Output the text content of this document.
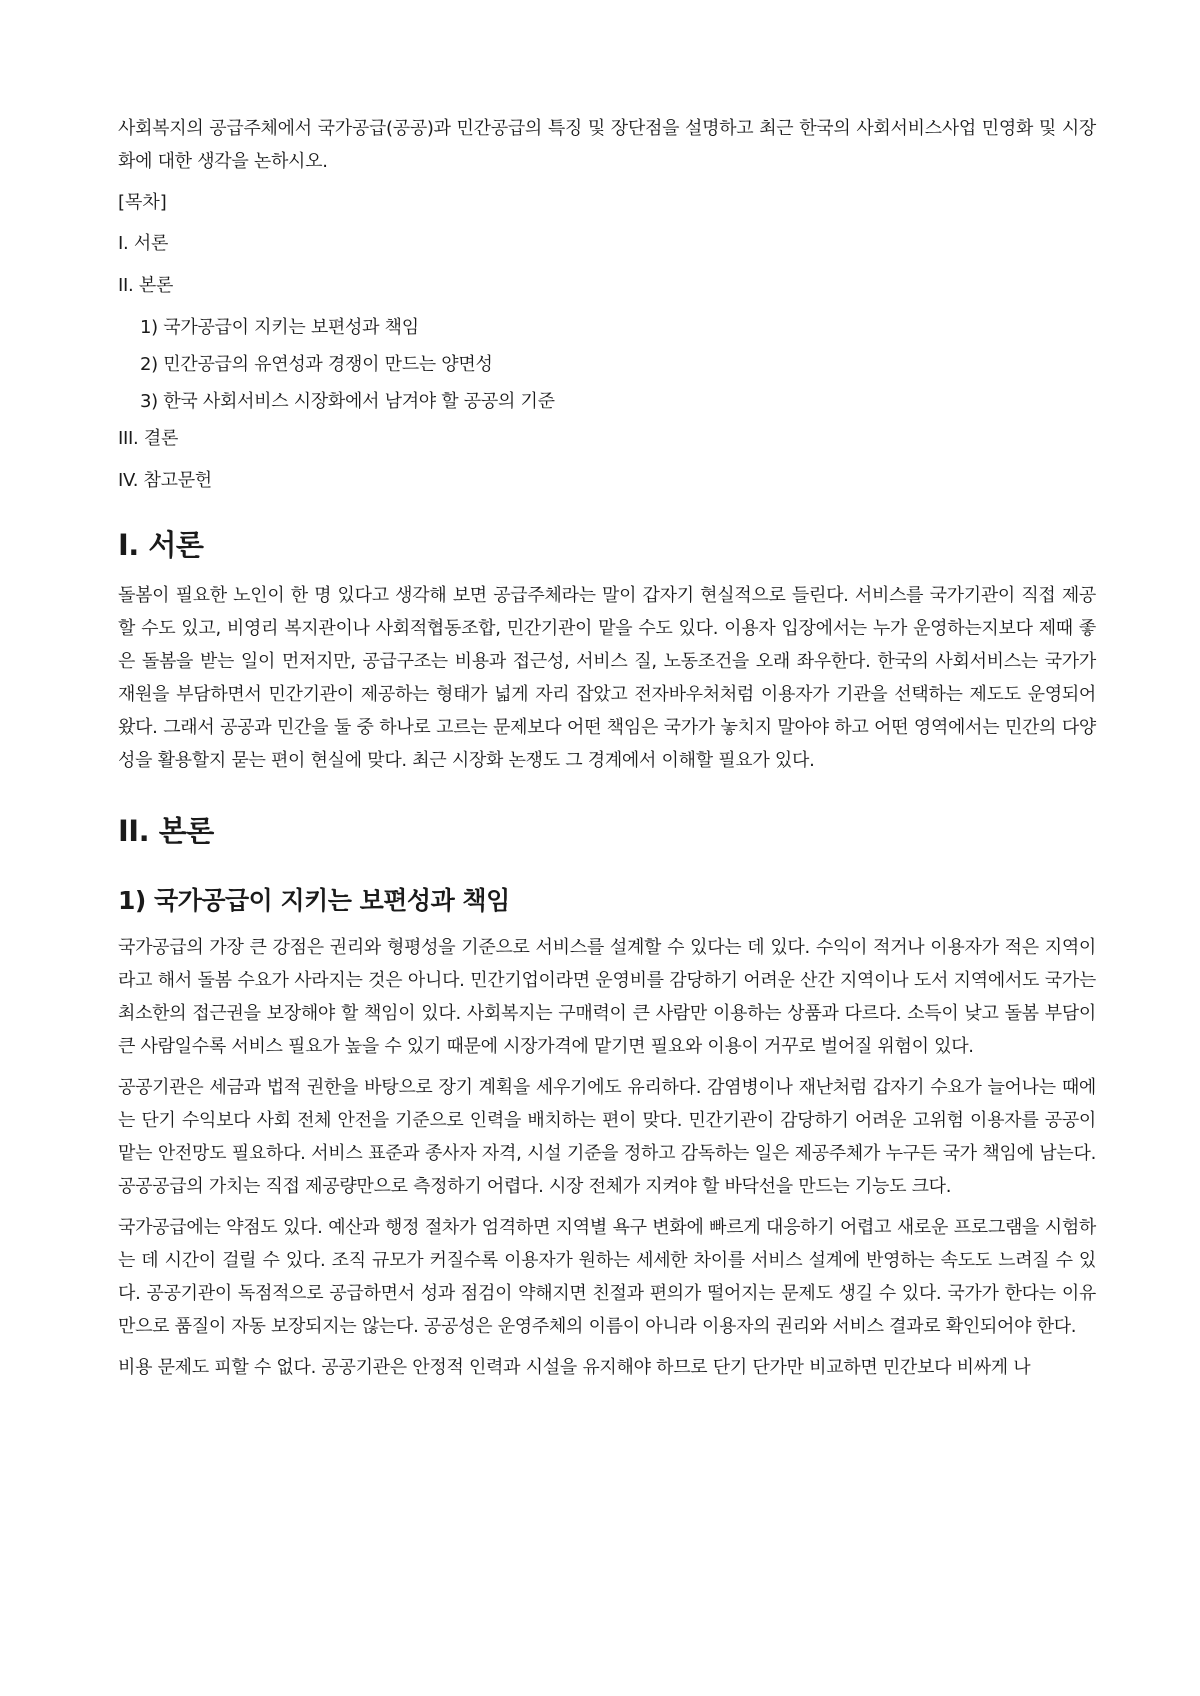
사회복지의 공급주체에서 국가공급(공공)과 민간공급의 특징 및 장단점을 설명하고 최근 한국의 사회서비스사업 민영화 및 시장화에 대한 생각을 논하시오.

[목차]
I. 서론
II. 본론
1) 국가공급이 지키는 보편성과 책임
2) 민간공급의 유연성과 경쟁이 만드는 양면성
3) 한국 사회서비스 시장화에서 남겨야 할 공공의 기준
III. 결론
IV. 참고문헌
I. 서론

돌봄이 필요한 노인이 한 명 있다고 생각해 보면 공급주체라는 말이 갑자기 현실적으로 들린다. 서비스를 국가기관이 직접 제공할 수도 있고, 비영리 복지관이나 사회적협동조합, 민간기관이 맡을 수도 있다. 이용자 입장에서는 누가 운영하는지보다 제때 좋은 돌봄을 받는 일이 먼저지만, 공급구조는 비용과 접근성, 서비스 질, 노동조건을 오래 좌우한다. 한국의 사회서비스는 국가가 재원을 부담하면서 민간기관이 제공하는 형태가 넓게 자리 잡았고 전자바우처처럼 이용자가 기관을 선택하는 제도도 운영되어 왔다. 그래서 공공과 민간을 둘 중 하나로 고르는 문제보다 어떤 책임은 국가가 놓치지 말아야 하고 어떤 영역에서는 민간의 다양성을 활용할지 묻는 편이 현실에 맞다. 최근 시장화 논쟁도 그 경계에서 이해할 필요가 있다.

II. 본론
1) 국가공급이 지키는 보편성과 책임

국가공급의 가장 큰 강점은 권리와 형평성을 기준으로 서비스를 설계할 수 있다는 데 있다. 수익이 적거나 이용자가 적은 지역이라고 해서 돌봄 수요가 사라지는 것은 아니다. 민간기업이라면 운영비를 감당하기 어려운 산간 지역이나 도서 지역에서도 국가는 최소한의 접근권을 보장해야 할 책임이 있다. 사회복지는 구매력이 큰 사람만 이용하는 상품과 다르다. 소득이 낮고 돌봄 부담이 큰 사람일수록 서비스 필요가 높을 수 있기 때문에 시장가격에 맡기면 필요와 이용이 거꾸로 벌어질 위험이 있다.

공공기관은 세금과 법적 권한을 바탕으로 장기 계획을 세우기에도 유리하다. 감염병이나 재난처럼 갑자기 수요가 늘어나는 때에는 단기 수익보다 사회 전체 안전을 기준으로 인력을 배치하는 편이 맞다. 민간기관이 감당하기 어려운 고위험 이용자를 공공이 맡는 안전망도 필요하다. 서비스 표준과 종사자 자격, 시설 기준을 정하고 감독하는 일은 제공주체가 누구든 국가 책임에 남는다. 공공공급의 가치는 직접 제공량만으로 측정하기 어렵다. 시장 전체가 지켜야 할 바닥선을 만드는 기능도 크다.

국가공급에는 약점도 있다. 예산과 행정 절차가 엄격하면 지역별 욕구 변화에 빠르게 대응하기 어렵고 새로운 프로그램을 시험하는 데 시간이 걸릴 수 있다. 조직 규모가 커질수록 이용자가 원하는 세세한 차이를 서비스 설계에 반영하는 속도도 느려질 수 있다. 공공기관이 독점적으로 공급하면서 성과 점검이 약해지면 친절과 편의가 떨어지는 문제도 생길 수 있다. 국가가 한다는 이유만으로 품질이 자동 보장되지는 않는다. 공공성은 운영주체의 이름이 아니라 이용자의 권리와 서비스 결과로 확인되어야 한다.

비용 문제도 피할 수 없다. 공공기관은 안정적 인력과 시설을 유지해야 하므로 단기 단가만 비교하면 민간보다 비싸게 나
